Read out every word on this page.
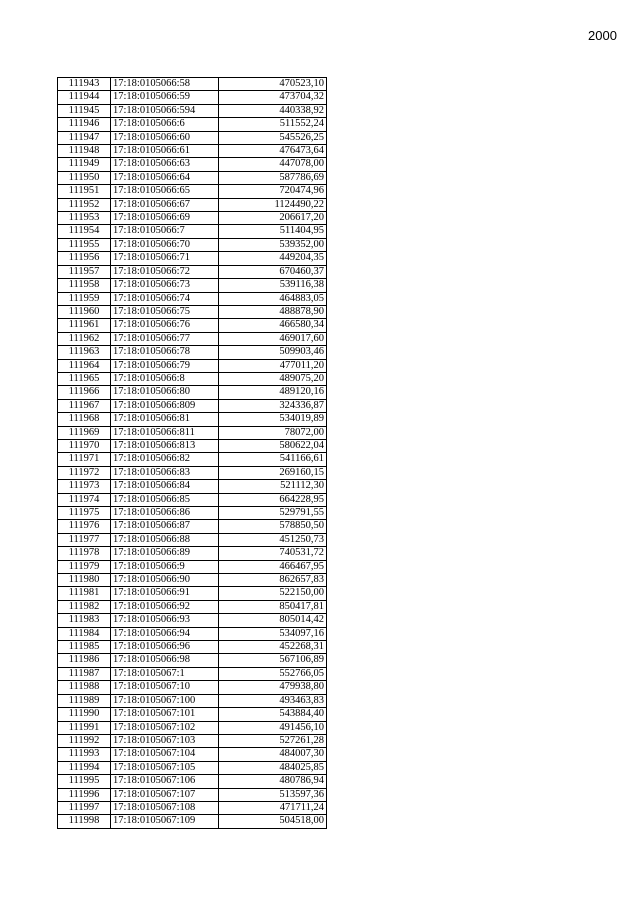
2000
111943	17:18:0105066:58	470523,10
111944	17:18:0105066:59	473704,32
111945	17:18:0105066:594	440338,92
111946	17:18:0105066:6	511552,24
111947	17:18:0105066:60	545526,25
111948	17:18:0105066:61	476473,64
111949	17:18:0105066:63	447078,00
111950	17:18:0105066:64	587786,69
111951	17:18:0105066:65	720474,96
111952	17:18:0105066:67	1124490,22
111953	17:18:0105066:69	206617,20
111954	17:18:0105066:7	511404,95
111955	17:18:0105066:70	539352,00
111956	17:18:0105066:71	449204,35
111957	17:18:0105066:72	670460,37
111958	17:18:0105066:73	539116,38
111959	17:18:0105066:74	464883,05
111960	17:18:0105066:75	488878,90
111961	17:18:0105066:76	466580,34
111962	17:18:0105066:77	469017,60
111963	17:18:0105066:78	509903,46
111964	17:18:0105066:79	477011,20
111965	17:18:0105066:8	489075,20
111966	17:18:0105066:80	489120,16
111967	17:18:0105066:809	324336,87
111968	17:18:0105066:81	534019,89
111969	17:18:0105066:811	78072,00
111970	17:18:0105066:813	580622,04
111971	17:18:0105066:82	541166,61
111972	17:18:0105066:83	269160,15
111973	17:18:0105066:84	521112,30
111974	17:18:0105066:85	664228,95
111975	17:18:0105066:86	529791,55
111976	17:18:0105066:87	578850,50
111977	17:18:0105066:88	451250,73
111978	17:18:0105066:89	740531,72
111979	17:18:0105066:9	466467,95
111980	17:18:0105066:90	862657,83
111981	17:18:0105066:91	522150,00
111982	17:18:0105066:92	850417,81
111983	17:18:0105066:93	805014,42
111984	17:18:0105066:94	534097,16
111985	17:18:0105066:96	452268,31
111986	17:18:0105066:98	567106,89
111987	17:18:0105067:1	552766,05
111988	17:18:0105067:10	479938,80
111989	17:18:0105067:100	493463,83
111990	17:18:0105067:101	543884,40
111991	17:18:0105067:102	491456,10
111992	17:18:0105067:103	527261,28
111993	17:18:0105067:104	484007,30
111994	17:18:0105067:105	484025,85
111995	17:18:0105067:106	480786,94
111996	17:18:0105067:107	513597,36
111997	17:18:0105067:108	471711,24
111998	17:18:0105067:109	504518,00
